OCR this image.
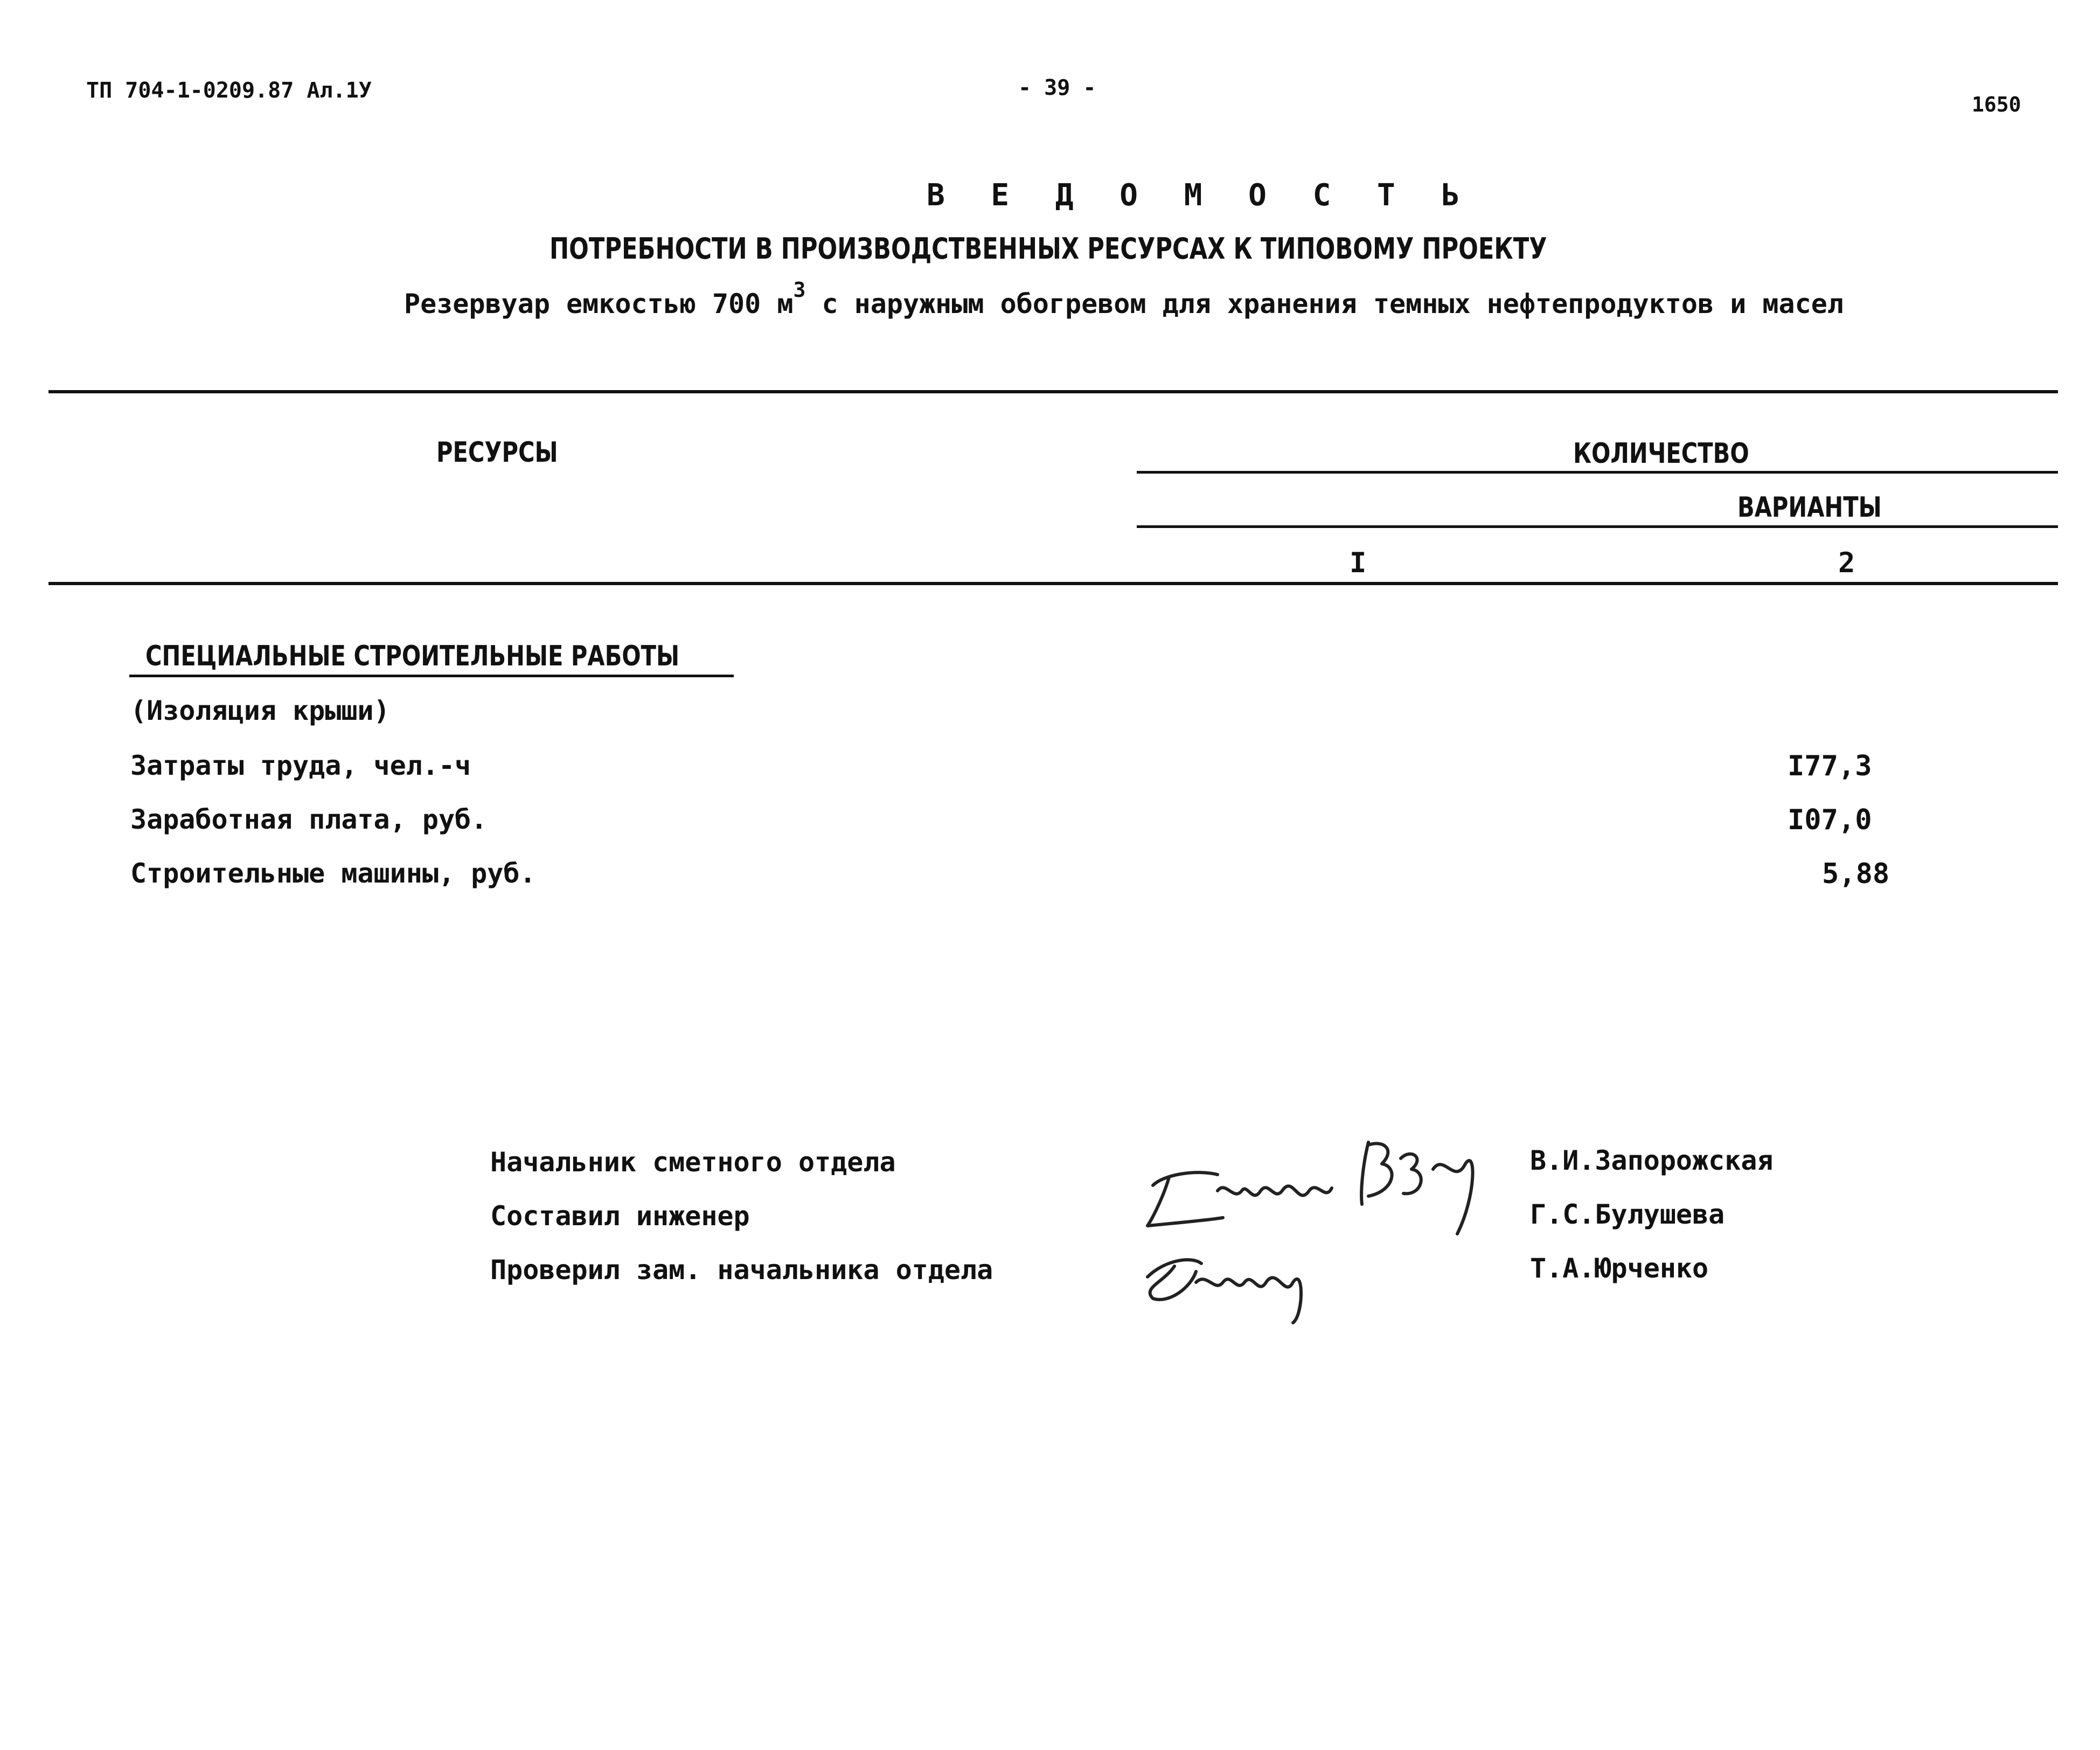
ТП 704-1-0209.87 Ал.1У	- 39 -
1650
В Е Д О М О С Т Ь
ПОТРЕБНОСТИ В ПРОИЗВОДСТВЕННЫХ РЕСУРСАХ К ТИПОВОМУ ПРОЕКТУ
Резервуар емкостью 700 $м^3$ с наружным обогревом для хранения темных нефтепродуктов и масел
РЕСУРСЫ	КОЛИЧЕСТВО
ВАРИАНТЫ
I	2
СПЕЦИАЛЬНЫЕ СТРОИТЕЛЬНЫЕ РАБОТЫ
(Изоляция крыши)
Затраты труда, чел.-ч	I77,3
Заработная плата, руб.	I07,0
Строительные машины, руб.	5,88
Начальник сметного отдела
Составил инженер
Проверил зам. начальника отдела
В.И.Запорожская
Г.С.Булушева
Т.А.Юрченко
